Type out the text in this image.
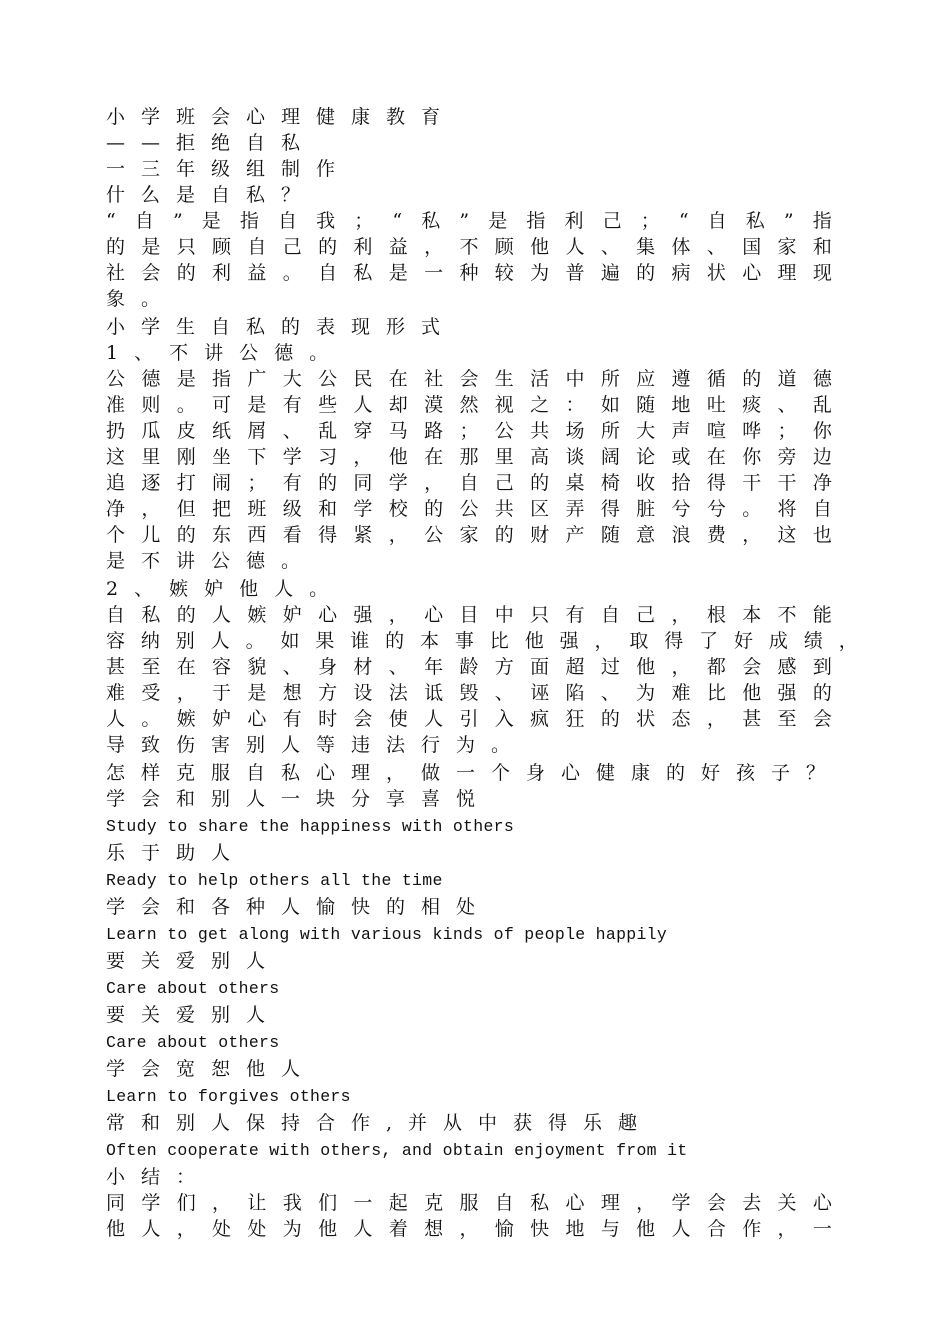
小学班会心理健康教育
——拒绝自私
一三年级组制作
什么是自私？
“ 自 ” 是 指 自 我 ； “ 私 ” 是 指 利 己 ； “ 自 私 ” 指
的 是 只 顾 自 己 的 利 益 ， 不 顾 他 人 、 集 体 、 国 家 和
社 会 的 利 益 。 自 私 是 一 种 较 为 普 遍 的 病 状 心 理 现
象。
小学生自私的表现形式
1、不讲公德。
公 德 是 指 广 大 公 民 在 社 会 生 活 中 所 应 遵 循 的 道 德
准 则 。 可 是 有 些 人 却 漠 然 视 之 ： 如 随 地 吐 痰 、 乱
扔 瓜 皮 纸 屑 、 乱 穿 马 路 ； 公 共 场 所 大 声 喧 哗 ； 你
这 里 刚 坐 下 学 习 ， 他 在 那 里 高 谈 阔 论 或 在 你 旁 边
追 逐 打 闹 ； 有 的 同 学 ， 自 己 的 桌 椅 收 拾 得 干 干 净
净 ， 但 把 班 级 和 学 校 的 公 共 区 弄 得 脏 兮 兮 。 将 自
个 儿 的 东 西 看 得 紧 ， 公 家 的 财 产 随 意 浪 费 ， 这 也
是不讲公德。
2、嫉妒他人。
自 私 的 人 嫉 妒 心 强 ， 心 目 中 只 有 自 己 ， 根 本 不 能
容 纳 别 人 。 如 果 谁 的 本 事 比 他 强 ， 取 得 了 好 成 绩 ，
甚 至 在 容 貌 、 身 材 、 年 龄 方 面 超 过 他 ， 都 会 感 到
难 受 ， 于 是 想 方 设 法 诋 毁 、 诬 陷 、 为 难 比 他 强 的
人 。 嫉 妒 心 有 时 会 使 人 引 入 疯 狂 的 状 态 ， 甚 至 会
导致伤害别人等违法行为。
怎样克服自私心理，做一个身心健康的好孩子？
学会和别人一块分享喜悦
Study to share the happiness with others
乐于助人
Ready to help others all the time
学会和各种人愉快的相处
Learn to get along with various kinds of people happily
要关爱别人
Care about others
要关爱别人
Care about others
学会宽恕他人
Learn to forgives others
常和别人保持合作,并从中获得乐趣
Often cooperate with others, and obtain enjoyment from it
小结：
同 学 们 ， 让 我 们 一 起 克 服 自 私 心 理 ， 学 会 去 关 心
他 人 ， 处 处 为 他 人 着 想 ， 愉 快 地 与 他 人 合 作 ， 一
